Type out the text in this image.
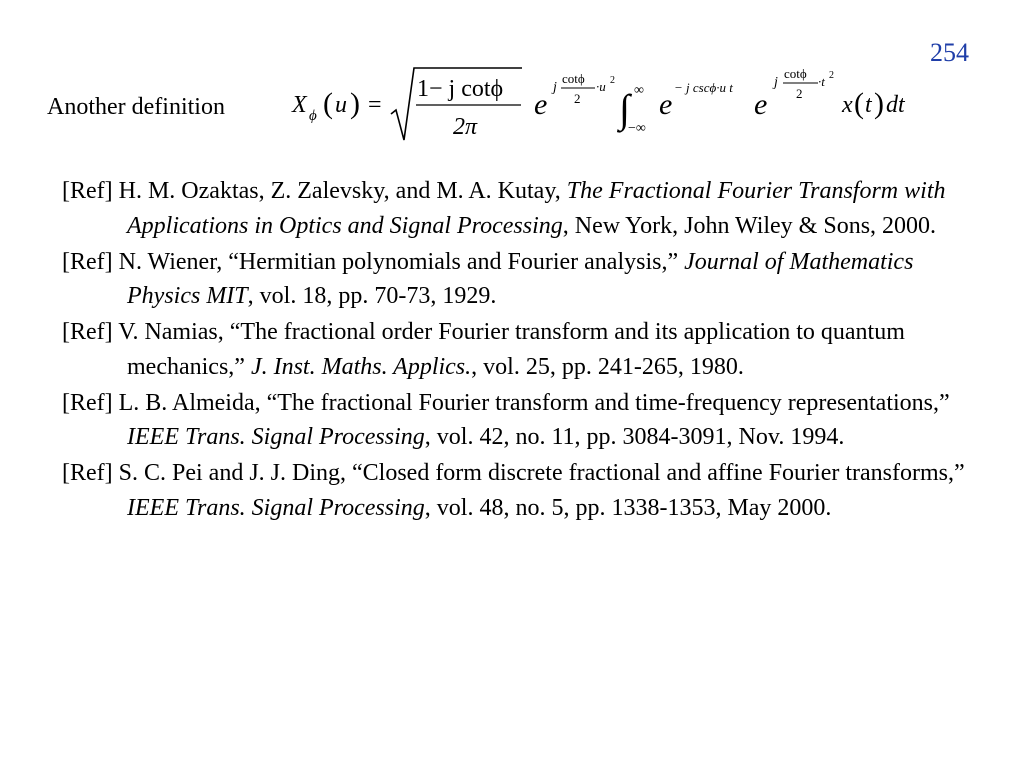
254
Another definition	X ϕ ( u ) =
1− j cotϕ
2π
e
j
cotϕ
2
·u 2
∫ ∞
−∞
e
− j cscϕ·u t
e
j
cotϕ
2
·t 2
x ( t ) dt

[Ref] H. M. Ozaktas, Z. Zalevsky, and M. A. Kutay, The Fractional Fourier Transform with Applications in Optics and Signal Processing, New York, John Wiley & Sons, 2000.

[Ref] N. Wiener, “Hermitian polynomials and Fourier analysis,” Journal of Mathematics Physics MIT, vol. 18, pp. 70-73, 1929.

[Ref] V. Namias, “The fractional order Fourier transform and its application to quantum mechanics,” J. Inst. Maths. Applics., vol. 25, pp. 241-265, 1980.

[Ref] L. B. Almeida, “The fractional Fourier transform and time-frequency representations,” IEEE Trans. Signal Processing, vol. 42, no. 11, pp. 3084-3091, Nov. 1994.

[Ref] S. C. Pei and J. J. Ding, “Closed form discrete fractional and affine Fourier transforms,” IEEE Trans. Signal Processing, vol. 48, no. 5, pp. 1338-1353, May 2000.
